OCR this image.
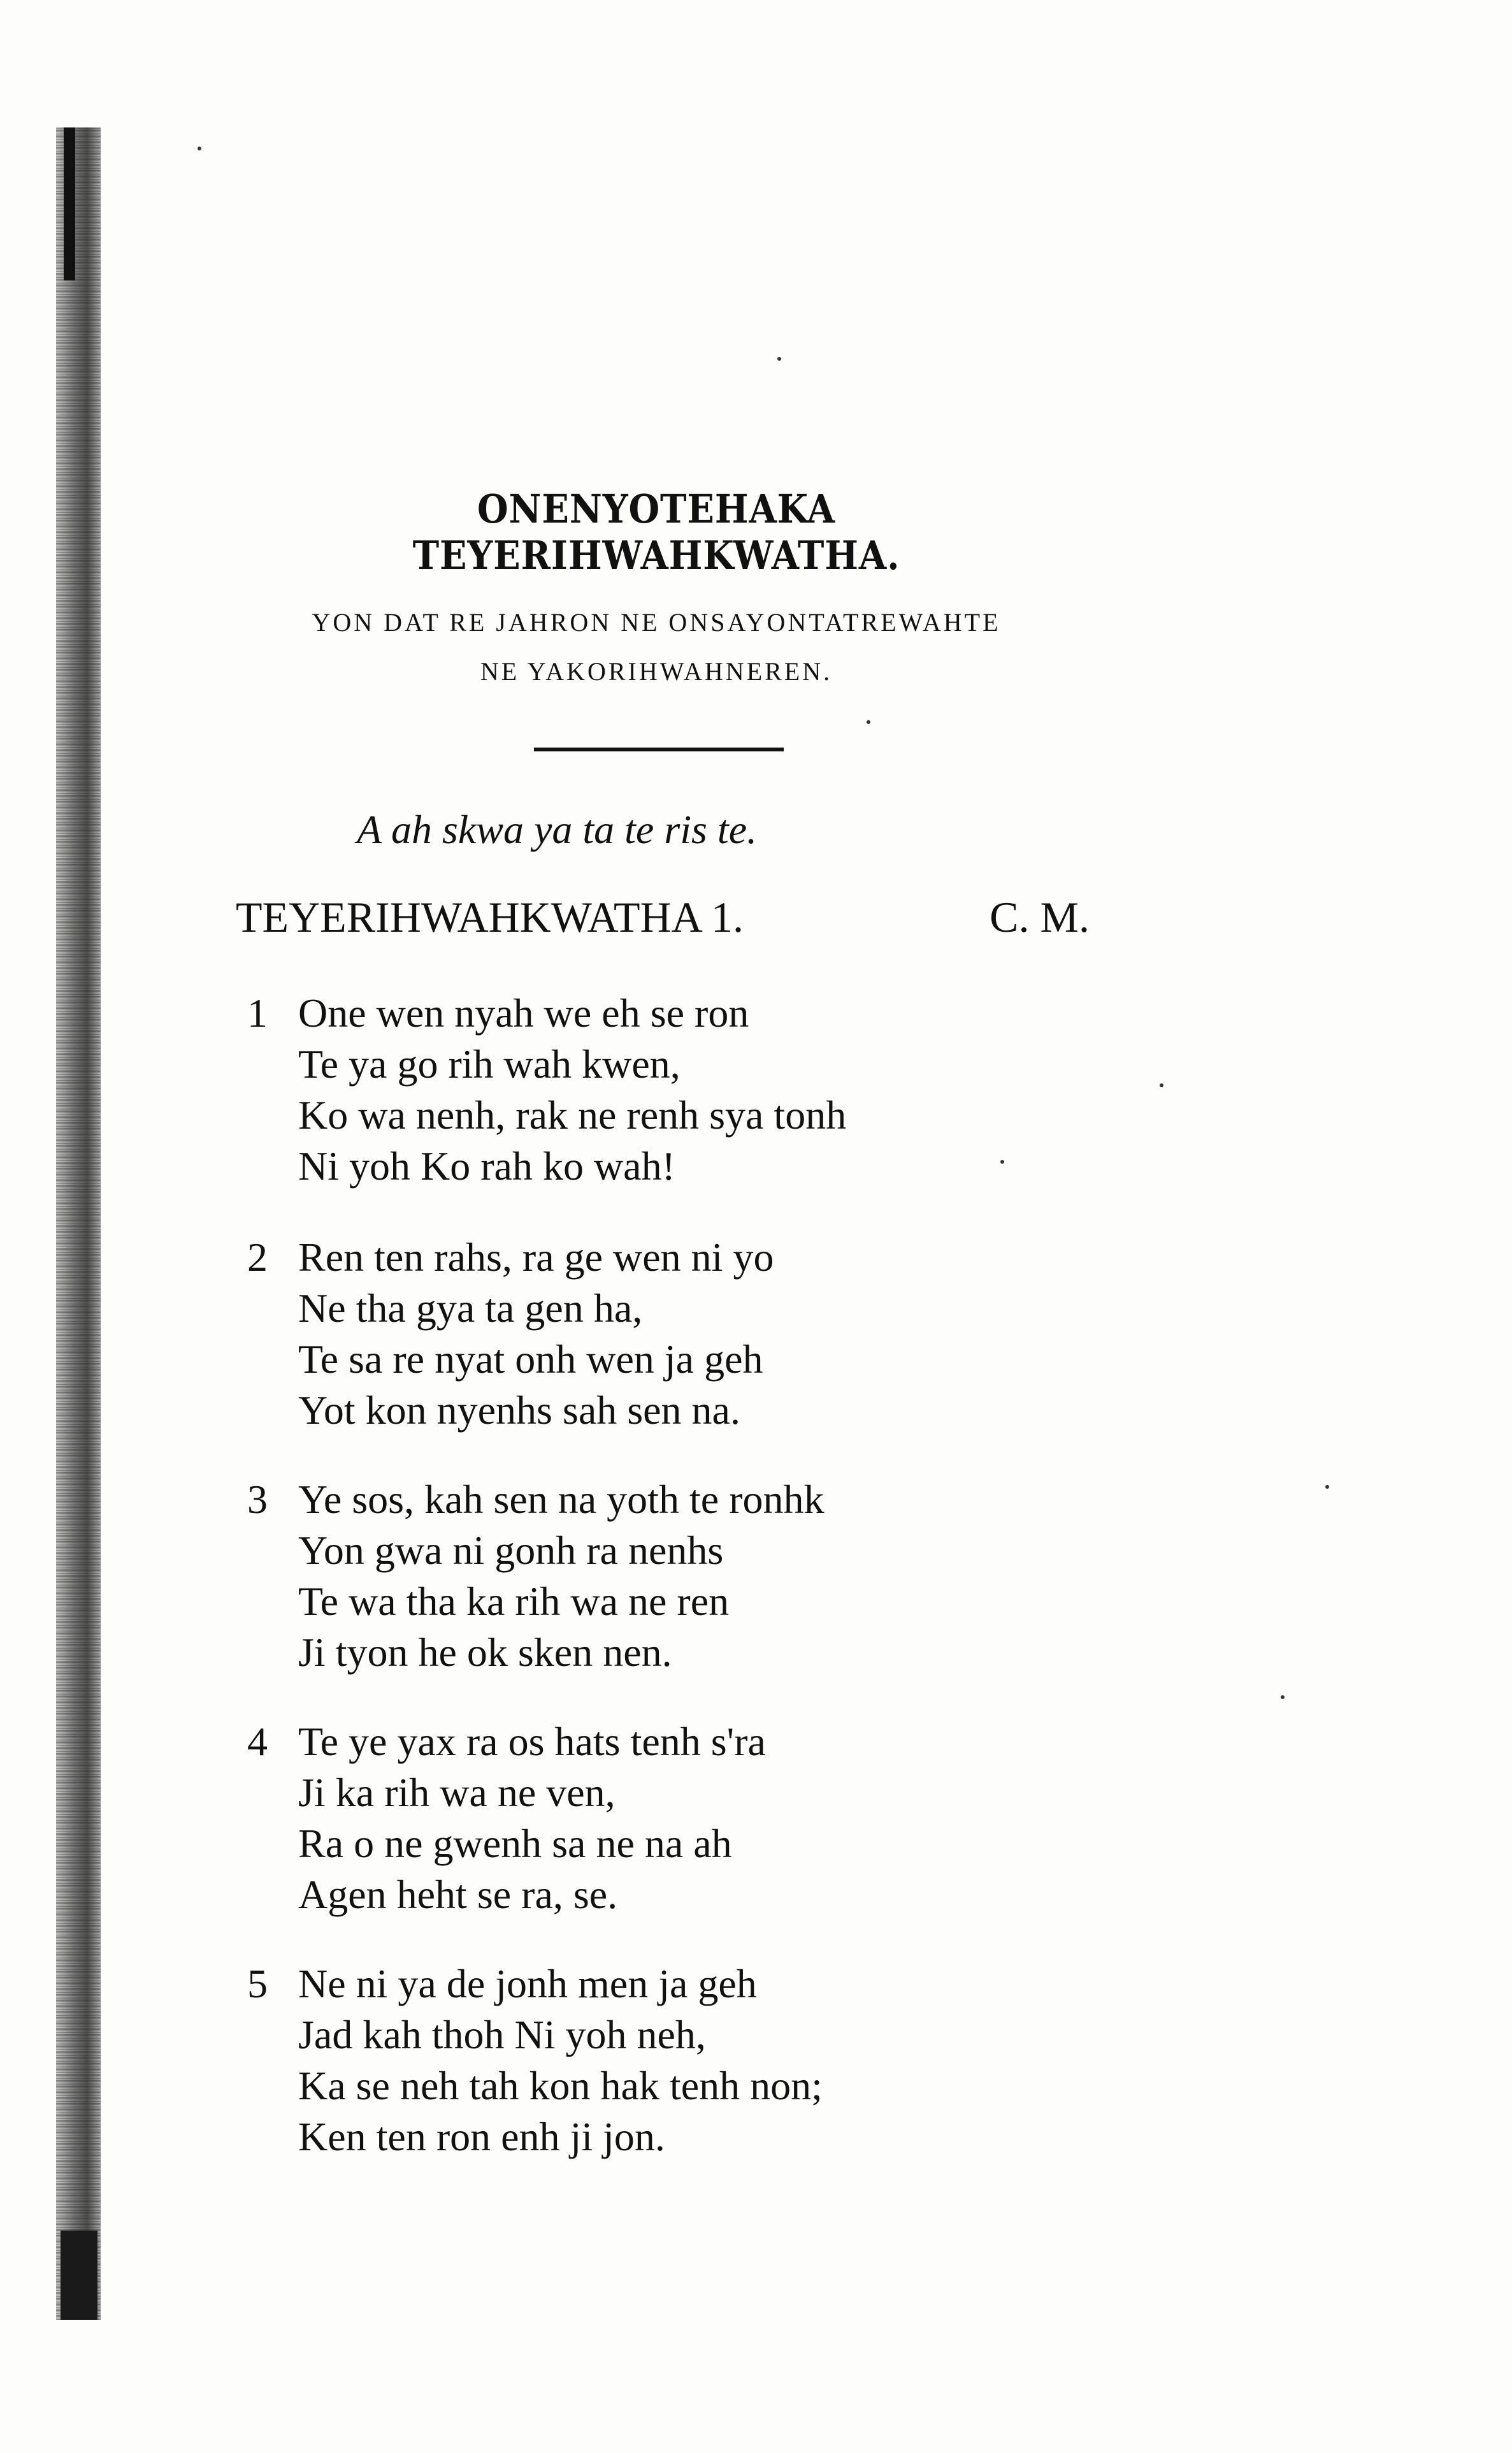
ONENYOTEHAKA TEYERIHWAHKWATHA.
YON DAT RE JAHRON NE ONSAYONTATREWAHTE
NE YAKORIHWAHNEREN.
A ah skwa ya ta te ris te.
TEYERIHWAHKWATHA 1.	C. M.
1 One wen nyah we eh se ron
Te ya go rih wah kwen,
Ko wa nenh, rak ne renh sya tonh
Ni yoh Ko rah ko wah!
2 Ren ten rahs, ra ge wen ni yo
Ne tha gya ta gen ha,
Te sa re nyat onh wen ja geh
Yot kon nyenhs sah sen na.
3 Ye sos, kah sen na yoth te ronhk
Yon gwa ni gonh ra nenhs
Te wa tha ka rih wa ne ren
Ji tyon he ok sken nen.
4 Te ye yax ra os hats tenh s'ra
Ji ka rih wa ne ven,
Ra o ne gwenh sa ne na ah
Agen heht se ra, se.
5 Ne ni ya de jonh men ja geh
Jad kah thoh Ni yoh neh,
Ka se neh tah kon hak tenh non;
Ken ten ron enh ji jon.
